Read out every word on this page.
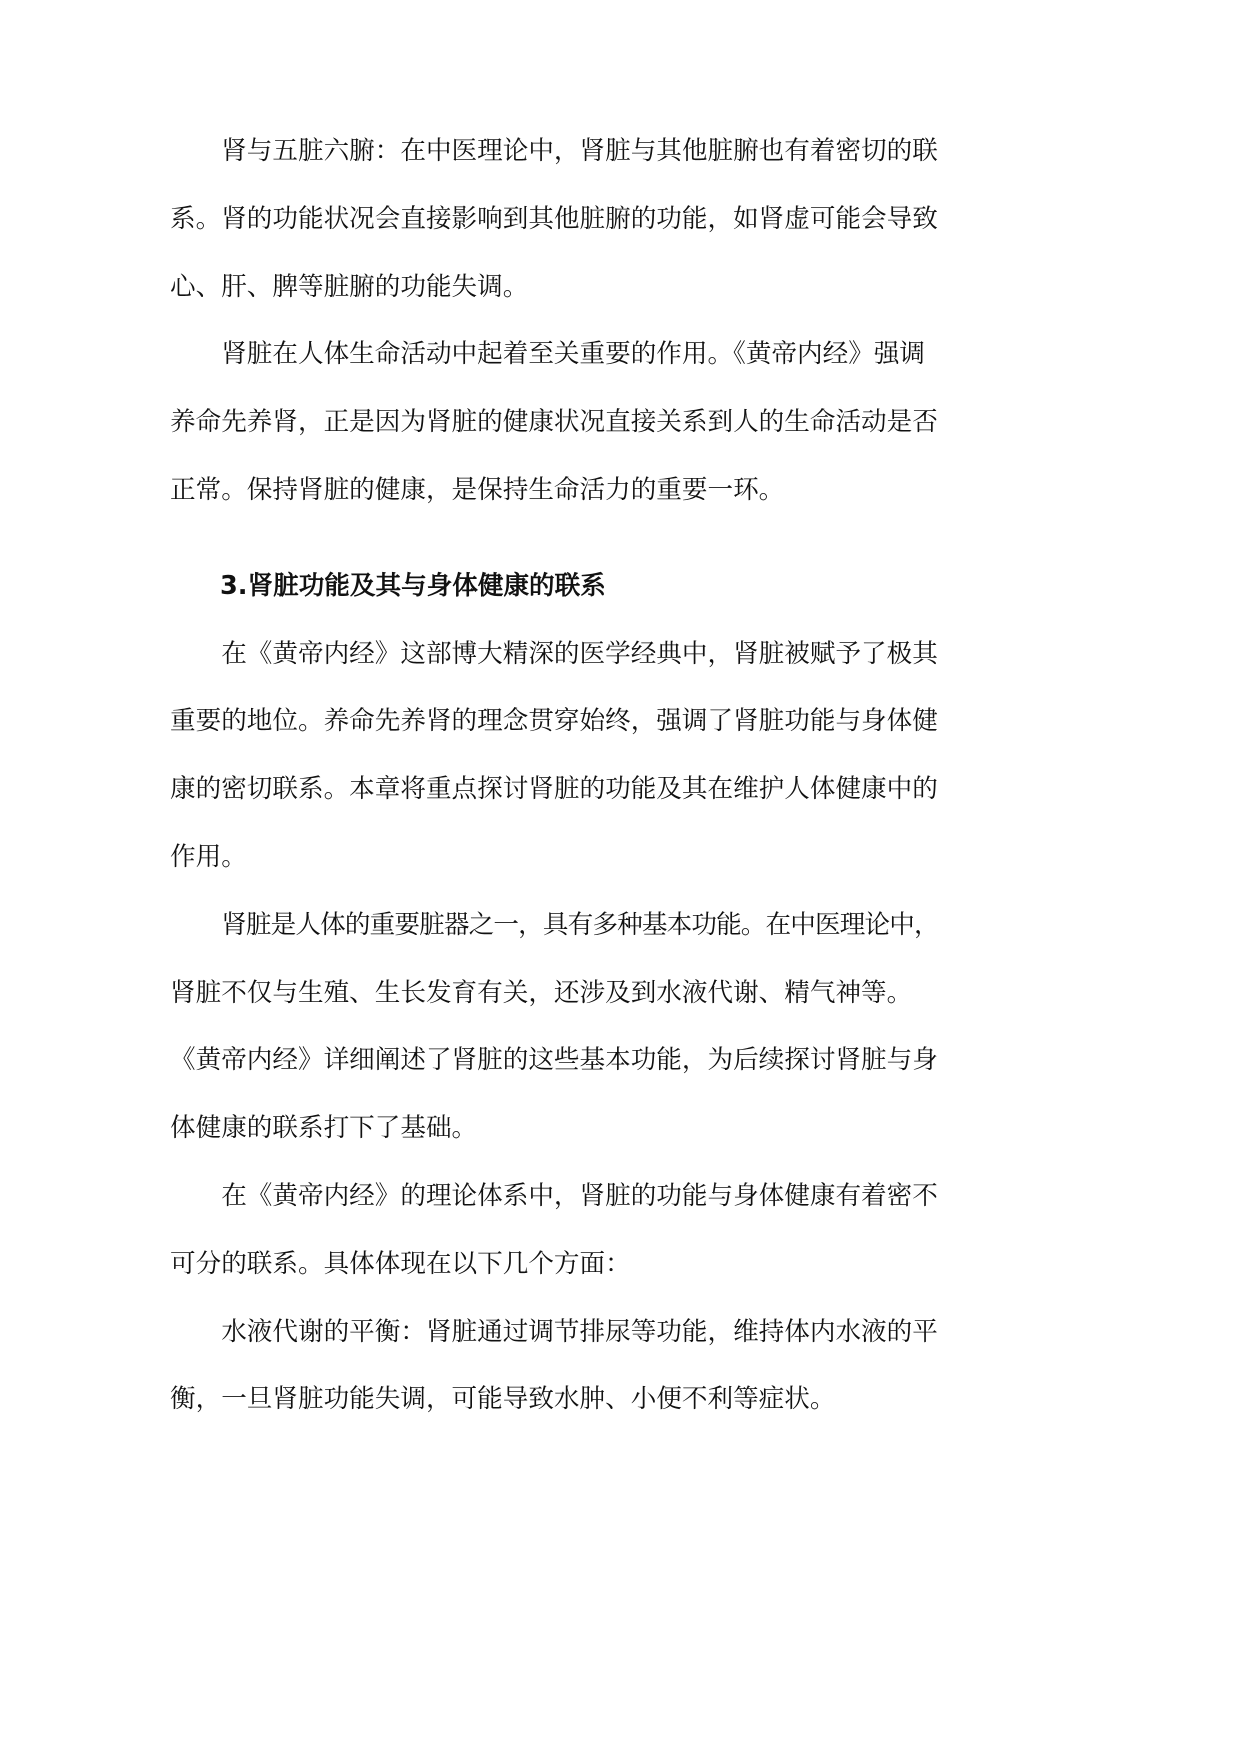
肾与五脏六腑：在中医理论中，肾脏与其他脏腑也有着密切的联
系。肾的功能状况会直接影响到其他脏腑的功能，如肾虚可能会导致
心、肝、脾等脏腑的功能失调。
肾脏在人体生命活动中起着至关重要的作用。《黄帝内经》强调
养命先养肾，正是因为肾脏的健康状况直接关系到人的生命活动是否
正常。保持肾脏的健康，是保持生命活力的重要一环。
3.肾脏功能及其与身体健康的联系
在《黄帝内经》这部博大精深的医学经典中，肾脏被赋予了极其
重要的地位。养命先养肾的理念贯穿始终，强调了肾脏功能与身体健
康的密切联系。本章将重点探讨肾脏的功能及其在维护人体健康中的
作用。
肾脏是人体的重要脏器之一，具有多种基本功能。在中医理论中，
肾脏不仅与生殖、生长发育有关，还涉及到水液代谢、精气神等。
《黄帝内经》详细阐述了肾脏的这些基本功能，为后续探讨肾脏与身
体健康的联系打下了基础。
在《黄帝内经》的理论体系中，肾脏的功能与身体健康有着密不
可分的联系。具体体现在以下几个方面：
水液代谢的平衡：肾脏通过调节排尿等功能，维持体内水液的平
衡，一旦肾脏功能失调，可能导致水肿、小便不利等症状。
